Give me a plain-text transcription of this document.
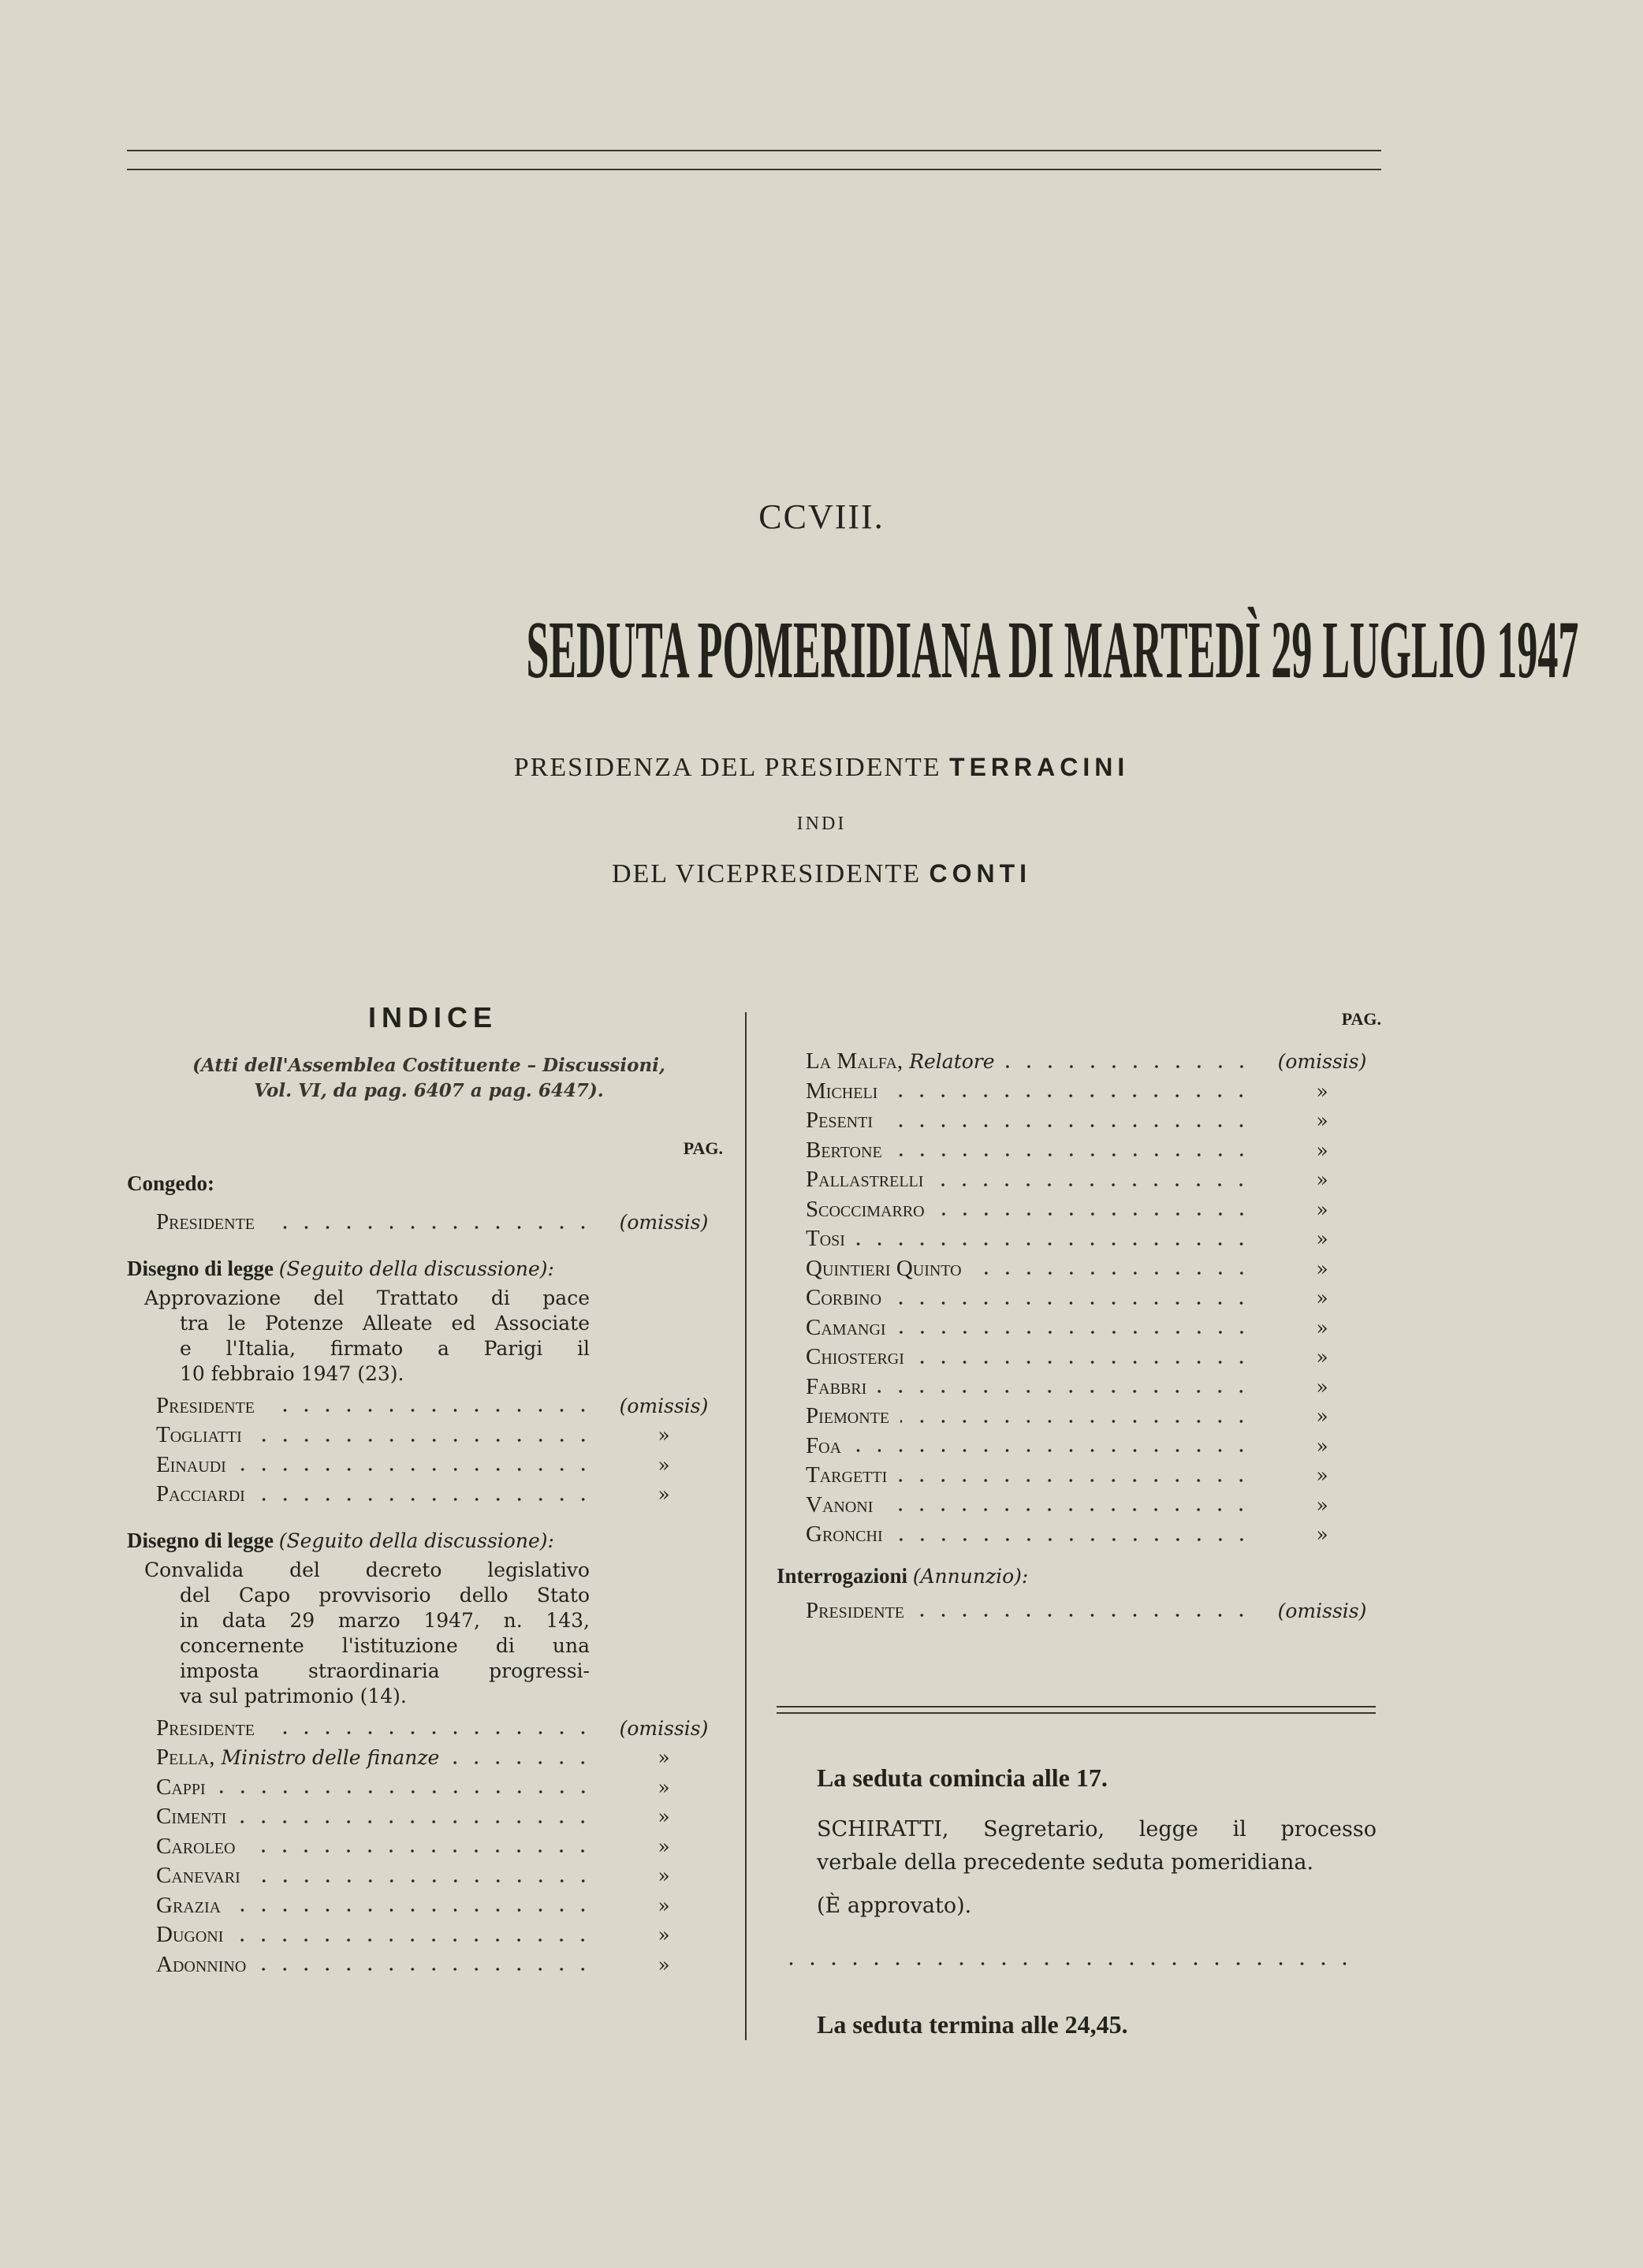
CCVIII.
SEDUTA POMERIDIANA DI MARTEDÌ 29 LUGLIO 1947
PRESIDENZA DEL PRESIDENTE TERRACINI
INDI
DEL VICEPRESIDENTE CONTI
INDICE
(Atti dell'Assemblea Costituente – Discussioni,
Vol. VI, da pag. 6407 a pag. 6447).
PAG.
Congedo:
Presidente	(omissis)
Disegno di legge (Seguito della discussione):
Approvazione del Trattato di pace
tra le Potenze Alleate ed Associate
e l'Italia, firmato a Parigi il
10 febbraio 1947 (23).
Presidente	(omissis)
Togliatti	»
Einaudi	»
Pacciardi	»
Disegno di legge (Seguito della discussione):
Convalida del decreto legislativo
del Capo provvisorio dello Stato
in data 29 marzo 1947, n. 143,
concernente l'istituzione di una
imposta straordinaria progressi-
va sul patrimonio (14).
Presidente	(omissis)
Pella, Ministro delle finanze	»
Cappi	»
Cimenti	»
Caroleo	»
Canevari	»
Grazia	»
Dugoni	»
Adonnino	»
PAG.
La Malfa, Relatore	(omissis)
Micheli	»
Pesenti	»
Bertone	»
Pallastrelli	»
Scoccimarro	»
Tosi	»
Quintieri Quinto	»
Corbino	»
Camangi	»
Chiostergi	»
Fabbri	»
Piemonte	»
Foa	»
Targetti	»
Vanoni	»
Gronchi	»
Interrogazioni (Annunzio):
Presidente	(omissis)
La seduta comincia alle 17.
SCHIRATTI, Segretario, legge il processo
verbale della precedente seduta pomeridiana.
(È approvato).
La seduta termina alle 24,45.
